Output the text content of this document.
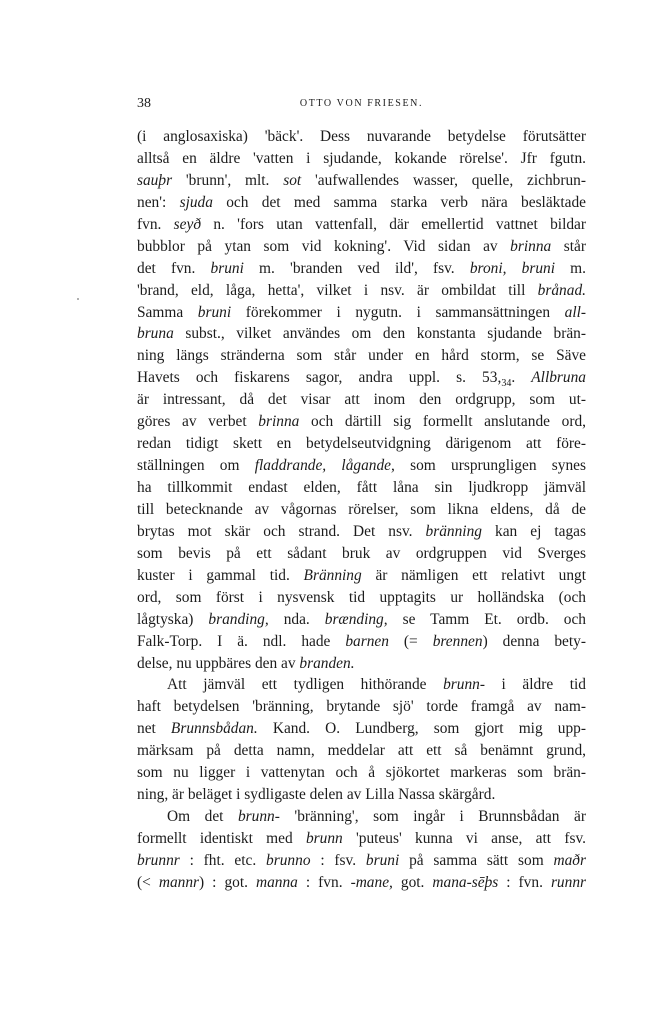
38	OTTO VON FRIESEN.
(i anglosaxiska) 'bäck'. Dess nuvarande betydelse förutsätter
alltså en äldre 'vatten i sjudande, kokande rörelse'. Jfr fgutn.
sauþr 'brunn', mlt. sot 'aufwallendes wasser, quelle, zichbrun-
nen': sjuda och det med samma starka verb nära besläktade
fvn. seyð n. 'fors utan vattenfall, där emellertid vattnet bildar
bubblor på ytan som vid kokning'. Vid sidan av brinna står
det fvn. bruni m. 'branden ved ild', fsv. broni, bruni m.
'brand, eld, låga, hetta', vilket i nsv. är ombildat till brånad.
Samma bruni förekommer i nygutn. i sammansättningen all-
bruna subst., vilket användes om den konstanta sjudande brän-
ning längs stränderna som står under en hård storm, se Säve
Havets och fiskarens sagor, andra uppl. s. $53,_{34}$. Allbruna
är intressant, då det visar att inom den ordgrupp, som ut-
göres av verbet brinna och därtill sig formellt anslutande ord,
redan tidigt skett en betydelseutvidgning därigenom att före-
ställningen om fladdrande, lågande, som ursprungligen synes
ha tillkommit endast elden, fått låna sin ljudkropp jämväl
till betecknande av vågornas rörelser, som likna eldens, då de
brytas mot skär och strand. Det nsv. bränning kan ej tagas
som bevis på ett sådant bruk av ordgruppen vid Sverges
kuster i gammal tid. Bränning är nämligen ett relativt ungt
ord, som först i nysvensk tid upptagits ur holländska (och
lågtyska) branding, nda. brænding, se Tamm Et. ordb. och
Falk-Torp. I ä. ndl. hade barnen (= brennen) denna bety-
delse, nu uppbäres den av branden.
Att jämväl ett tydligen hithörande brunn- i äldre tid
haft betydelsen 'bränning, brytande sjö' torde framgå av nam-
net Brunnsbådan. Kand. O. Lundberg, som gjort mig upp-
märksam på detta namn, meddelar att ett så benämnt grund,
som nu ligger i vattenytan och å sjökortet markeras som brän-
ning, är beläget i sydligaste delen av Lilla Nassa skärgård.
Om det brunn- 'bränning', som ingår i Brunnsbådan är
formellt identiskt med brunn 'puteus' kunna vi anse, att fsv.
brunnr : fht. etc. brunno : fsv. bruni på samma sätt som maðr
(< mannr) : got. manna : fvn. -mane, got. mana-sēþs : fvn. runnr
